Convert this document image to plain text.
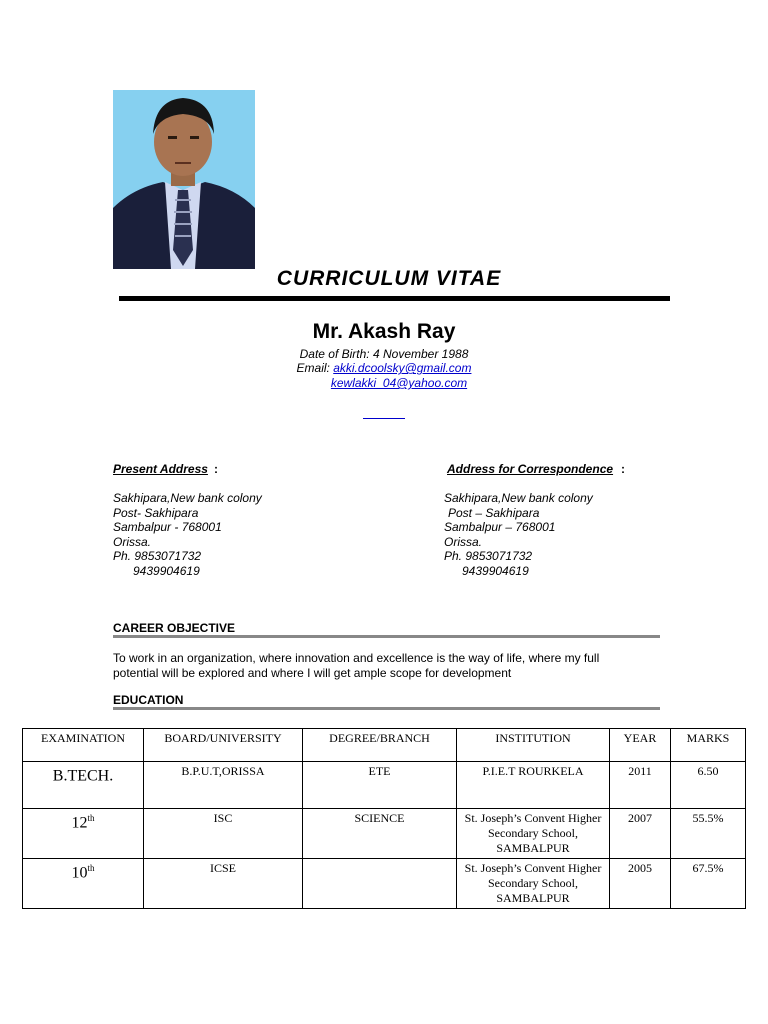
CURRICULUM VITAE
Mr. Akash Ray
Date of Birth: 4 November 1988
Email: akki.dcoolsky@gmail.com
kewlakki_04@yahoo.com
Present Address :
Sakhipara,New bank colony
Post- Sakhipara
Sambalpur - 768001
Orissa.
Ph. 9853071732
9439904619
Address for Correspondence :
Sakhipara,New bank colony
Post – Sakhipara
Sambalpur – 768001
Orissa.
Ph. 9853071732
9439904619
CAREER OBJECTIVE
To work in an organization, where innovation and excellence is the way of life, where my full potential will be explored and where I will get ample scope for development
EDUCATION
EXAMINATION	BOARD/UNIVERSITY	DEGREE/BRANCH	INSTITUTION	YEAR	MARKS
B.TECH.	B.P.U.T,ORISSA	ETE	P.I.E.T ROURKELA	2011	6.50
12th	ISC	SCIENCE	St. Joseph’s Convent Higher Secondary School, SAMBALPUR	2007	55.5%
10th	ICSE		St. Joseph’s Convent Higher Secondary School, SAMBALPUR	2005	67.5%
